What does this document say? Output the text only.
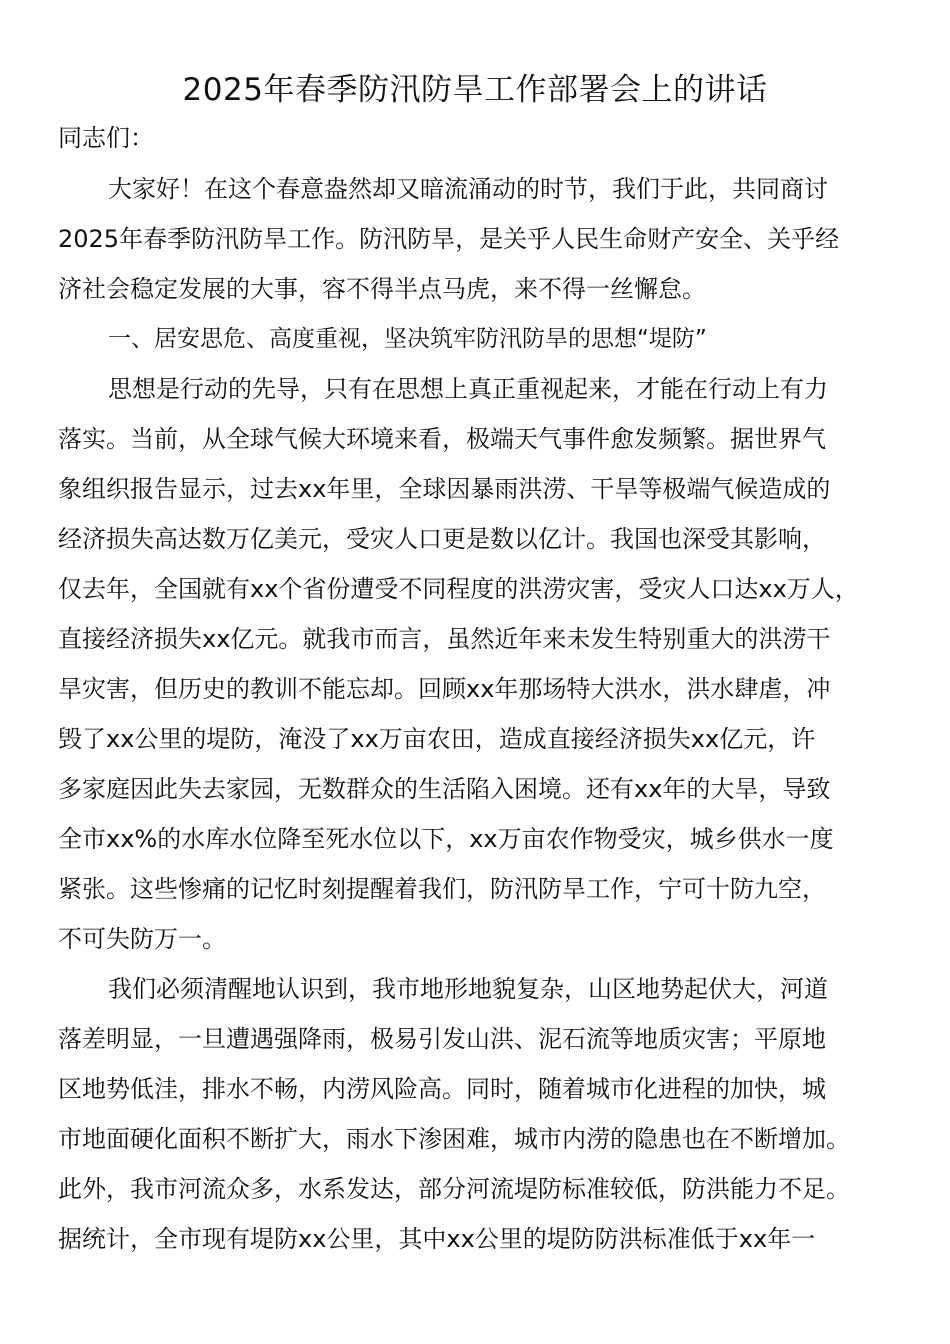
2025年春季防汛防旱工作部署会上的讲话
同志们：
大家好！在这个春意盎然却又暗流涌动的时节，我们于此，共同商讨
2025年春季防汛防旱工作。防汛防旱，是关乎人民生命财产安全、关乎经
济社会稳定发展的大事，容不得半点马虎，来不得一丝懈怠。
一、居安思危、高度重视，坚决筑牢防汛防旱的思想“堤防”
思想是行动的先导，只有在思想上真正重视起来，才能在行动上有力
落实。当前，从全球气候大环境来看，极端天气事件愈发频繁。据世界气
象组织报告显示，过去xx年里，全球因暴雨洪涝、干旱等极端气候造成的
经济损失高达数万亿美元，受灾人口更是数以亿计。我国也深受其影响，
仅去年，全国就有xx个省份遭受不同程度的洪涝灾害，受灾人口达xx万人，
直接经济损失xx亿元。就我市而言，虽然近年来未发生特别重大的洪涝干
旱灾害，但历史的教训不能忘却。回顾xx年那场特大洪水，洪水肆虐，冲
毁了xx公里的堤防，淹没了xx万亩农田，造成直接经济损失xx亿元，许
多家庭因此失去家园，无数群众的生活陷入困境。还有xx年的大旱，导致
全市xx%的水库水位降至死水位以下，xx万亩农作物受灾，城乡供水一度
紧张。这些惨痛的记忆时刻提醒着我们，防汛防旱工作，宁可十防九空，
不可失防万一。
我们必须清醒地认识到，我市地形地貌复杂，山区地势起伏大，河道
落差明显，一旦遭遇强降雨，极易引发山洪、泥石流等地质灾害；平原地
区地势低洼，排水不畅，内涝风险高。同时，随着城市化进程的加快，城
市地面硬化面积不断扩大，雨水下渗困难，城市内涝的隐患也在不断增加。
此外，我市河流众多，水系发达，部分河流堤防标准较低，防洪能力不足。
据统计，全市现有堤防xx公里，其中xx公里的堤防防洪标准低于xx年一
